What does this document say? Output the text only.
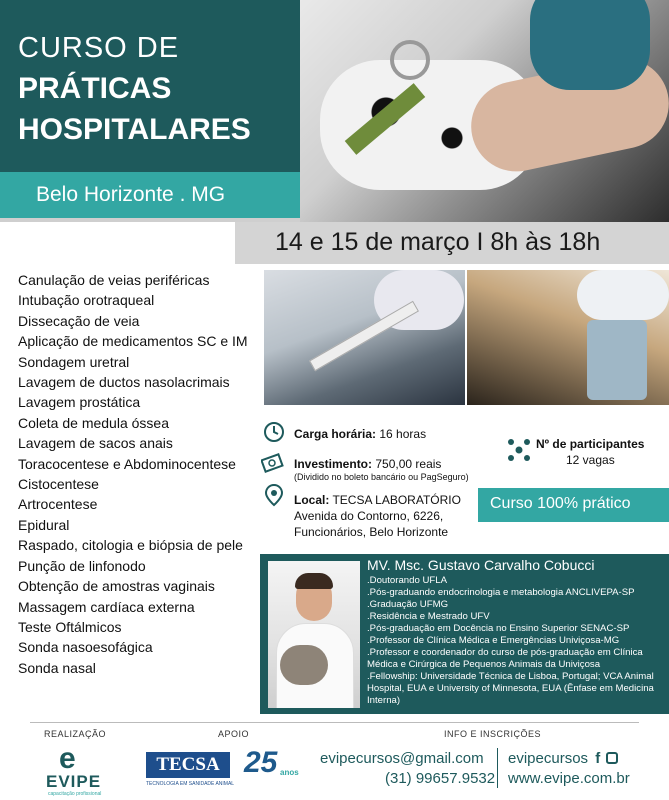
CURSO DE
PRÁTICAS
HOSPITALARES
Belo Horizonte . MG
14 e 15 de março I 8h às 18h
Canulação de veias periféricas
Intubação orotraqueal
Dissecação de veia
Aplicação de medicamentos SC e IM
Sondagem uretral
Lavagem de ductos nasolacrimais
Lavagem prostática
Coleta de medula óssea
Lavagem de sacos anais
Toracocentese e Abdominocentese
Cistocentese
Artrocentese
Epidural
Raspado, citologia e biópsia de pele
Punção de linfonodo
Obtenção de amostras vaginais
Massagem cardíaca externa
Teste Oftálmicos
Sonda nasoesofágica
Sonda nasal
Carga horária: 16 horas
Investimento: 750,00 reais
(Dividido no boleto bancário ou PagSeguro)
Local: TECSA LABORATÓRIO
Avenida do Contorno, 6226,
Funcionários, Belo Horizonte
Nº de participantes
12 vagas
Curso 100% prático
MV. Msc. Gustavo Carvalho Cobucci
.Doutorando UFLA
.Pós-graduando endocrinologia e metabologia ANCLIVEPA-SP
.Graduação UFMG
.Residência e Mestrado UFV
.Pós-graduação em Docência no Ensino Superior SENAC-SP
.Professor de Clínica Médica e Emergências Univiçosa-MG
.Professor e coordenador do curso de pós-graduação em Clínica Médica e Cirúrgica de Pequenos Animais da Univiçosa
.Fellowship: Universidade Técnica de Lisboa, Portugal; VCA Animal Hospital, EUA e University of Minnesota, EUA (Ênfase em Medicina Interna)
REALIZAÇÃO	APOIO	INFO E INSCRIÇÕES
e
EVIPE
capacitação profissional
TECSA
TECNOLOGIA EM SANIDADE ANIMAL
25 anos
evipecursos@gmail.com
(31) 99657.9532
evipecursos f
www.evipe.com.br
